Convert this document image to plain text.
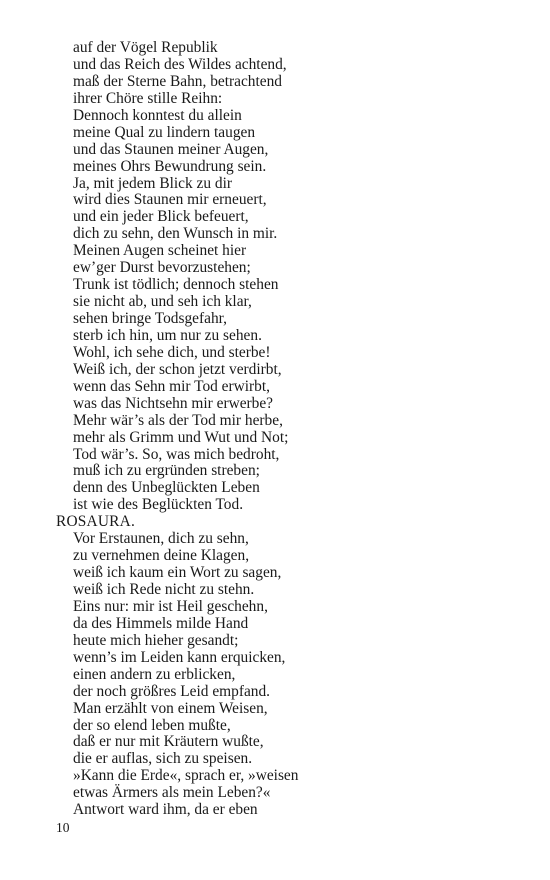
auf der Vögel Republik
und das Reich des Wildes achtend,
maß der Sterne Bahn, betrachtend
ihrer Chöre stille Reihn:
Dennoch konntest du allein
meine Qual zu lindern taugen
und das Staunen meiner Augen,
meines Ohrs Bewundrung sein.
Ja, mit jedem Blick zu dir
wird dies Staunen mir erneuert,
und ein jeder Blick befeuert,
dich zu sehn, den Wunsch in mir.
Meinen Augen scheinet hier
ew’ger Durst bevorzustehen;
Trunk ist tödlich; dennoch stehen
sie nicht ab, und seh ich klar,
sehen bringe Todsgefahr,
sterb ich hin, um nur zu sehen.
Wohl, ich sehe dich, und sterbe!
Weiß ich, der schon jetzt verdirbt,
wenn das Sehn mir Tod erwirbt,
was das Nichtsehn mir erwerbe?
Mehr wär’s als der Tod mir herbe,
mehr als Grimm und Wut und Not;
Tod wär’s. So, was mich bedroht,
muß ich zu ergründen streben;
denn des Unbeglückten Leben
ist wie des Beglückten Tod.
ROSAURA.
Vor Erstaunen, dich zu sehn,
zu vernehmen deine Klagen,
weiß ich kaum ein Wort zu sagen,
weiß ich Rede nicht zu stehn.
Eins nur: mir ist Heil geschehn,
da des Himmels milde Hand
heute mich hieher gesandt;
wenn’s im Leiden kann erquicken,
einen andern zu erblicken,
der noch größres Leid empfand.
Man erzählt von einem Weisen,
der so elend leben mußte,
daß er nur mit Kräutern wußte,
die er auflas, sich zu speisen.
»Kann die Erde«, sprach er, »weisen
etwas Ärmers als mein Leben?«
Antwort ward ihm, da er eben
10
